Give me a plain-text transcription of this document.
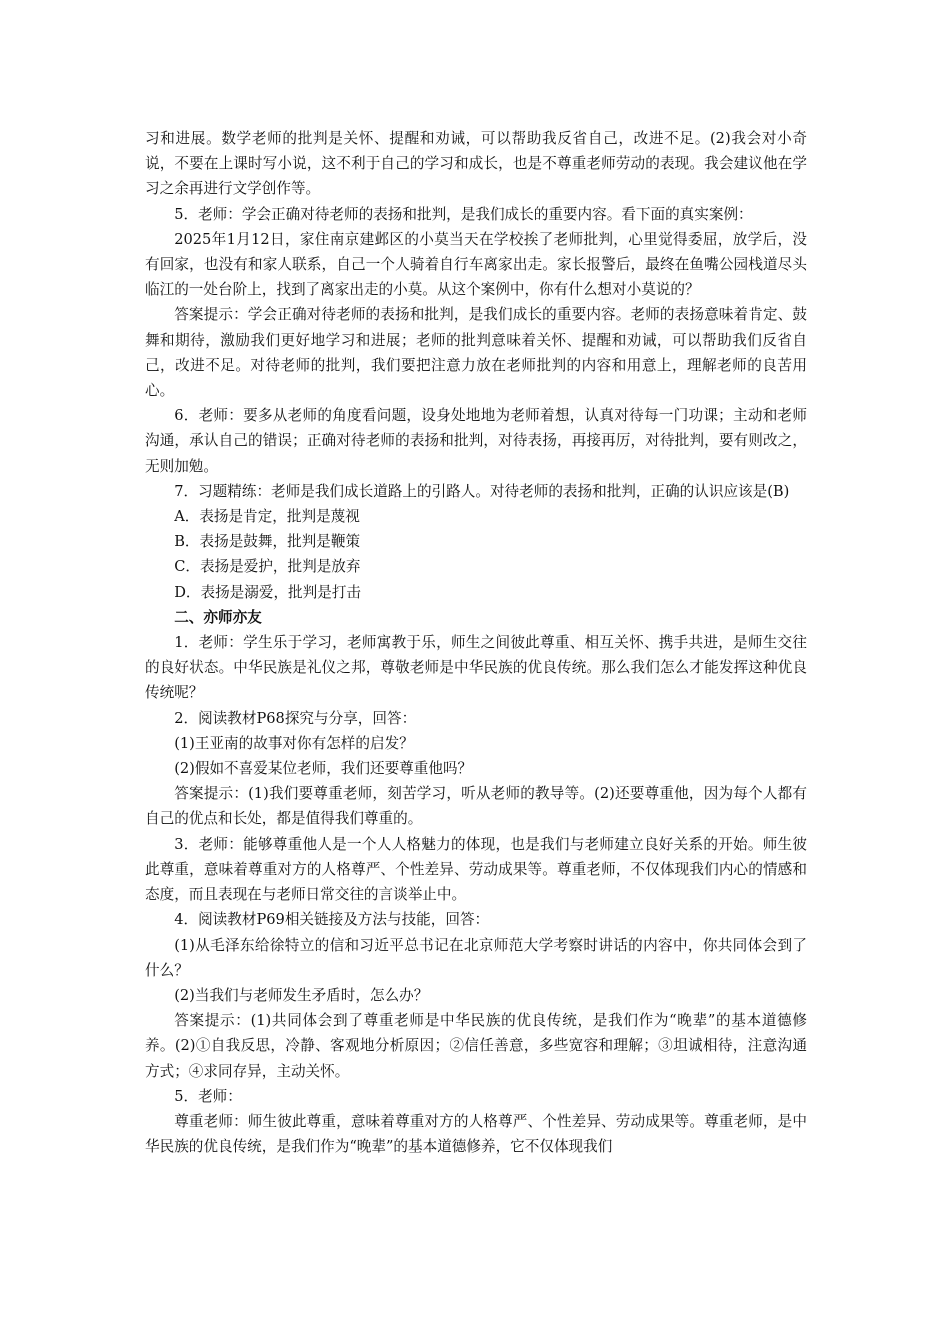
习和进展。数学老师的批判是关怀、提醒和劝诫，可以帮助我反省自己，改进不足。(2)我会对小奇说，不要在上课时写小说，这不利于自己的学习和成长，也是不尊重老师劳动的表现。我会建议他在学习之余再进行文学创作等。

5．老师：学会正确对待老师的表扬和批判，是我们成长的重要内容。看下面的真实案例：

2025年1月12日，家住南京建邺区的小莫当天在学校挨了老师批判，心里觉得委屈，放学后，没有回家，也没有和家人联系，自己一个人骑着自行车离家出走。家长报警后，最终在鱼嘴公园栈道尽头临江的一处台阶上，找到了离家出走的小莫。从这个案例中，你有什么想对小莫说的？

答案提示：学会正确对待老师的表扬和批判，是我们成长的重要内容。老师的表扬意味着肯定、鼓舞和期待，激励我们更好地学习和进展；老师的批判意味着关怀、提醒和劝诫，可以帮助我们反省自己，改进不足。对待老师的批判，我们要把注意力放在老师批判的内容和用意上，理解老师的良苦用心。

6．老师：要多从老师的角度看问题，设身处地地为老师着想，认真对待每一门功课；主动和老师沟通，承认自己的错误；正确对待老师的表扬和批判，对待表扬，再接再厉，对待批判，要有则改之，无则加勉。

7．习题精练：老师是我们成长道路上的引路人。对待老师的表扬和批判，正确的认识应该是(B)

A．表扬是肯定，批判是蔑视

B．表扬是鼓舞，批判是鞭策

C．表扬是爱护，批判是放弃

D．表扬是溺爱，批判是打击

二、亦师亦友

1．老师：学生乐于学习，老师寓教于乐，师生之间彼此尊重、相互关怀、携手共进，是师生交往的良好状态。中华民族是礼仪之邦，尊敬老师是中华民族的优良传统。那么我们怎么才能发挥这种优良传统呢？

2．阅读教材P68探究与分享，回答：

(1)王亚南的故事对你有怎样的启发？

(2)假如不喜爱某位老师，我们还要尊重他吗？

答案提示：(1)我们要尊重老师，刻苦学习，听从老师的教导等。(2)还要尊重他，因为每个人都有自己的优点和长处，都是值得我们尊重的。

3．老师：能够尊重他人是一个人人格魅力的体现，也是我们与老师建立良好关系的开始。师生彼此尊重，意味着尊重对方的人格尊严、个性差异、劳动成果等。尊重老师，不仅体现我们内心的情感和态度，而且表现在与老师日常交往的言谈举止中。

4．阅读教材P69相关链接及方法与技能，回答：

(1)从毛泽东给徐特立的信和习近平总书记在北京师范大学考察时讲话的内容中，你共同体会到了什么？

(2)当我们与老师发生矛盾时，怎么办？

答案提示：(1)共同体会到了尊重老师是中华民族的优良传统，是我们作为“晚辈”的基本道德修养。(2)①自我反思，冷静、客观地分析原因；②信任善意，多些宽容和理解；③坦诚相待，注意沟通方式；④求同存异，主动关怀。

5．老师：

尊重老师：师生彼此尊重，意味着尊重对方的人格尊严、个性差异、劳动成果等。尊重老师，是中华民族的优良传统，是我们作为“晚辈”的基本道德修养，它不仅体现我们
